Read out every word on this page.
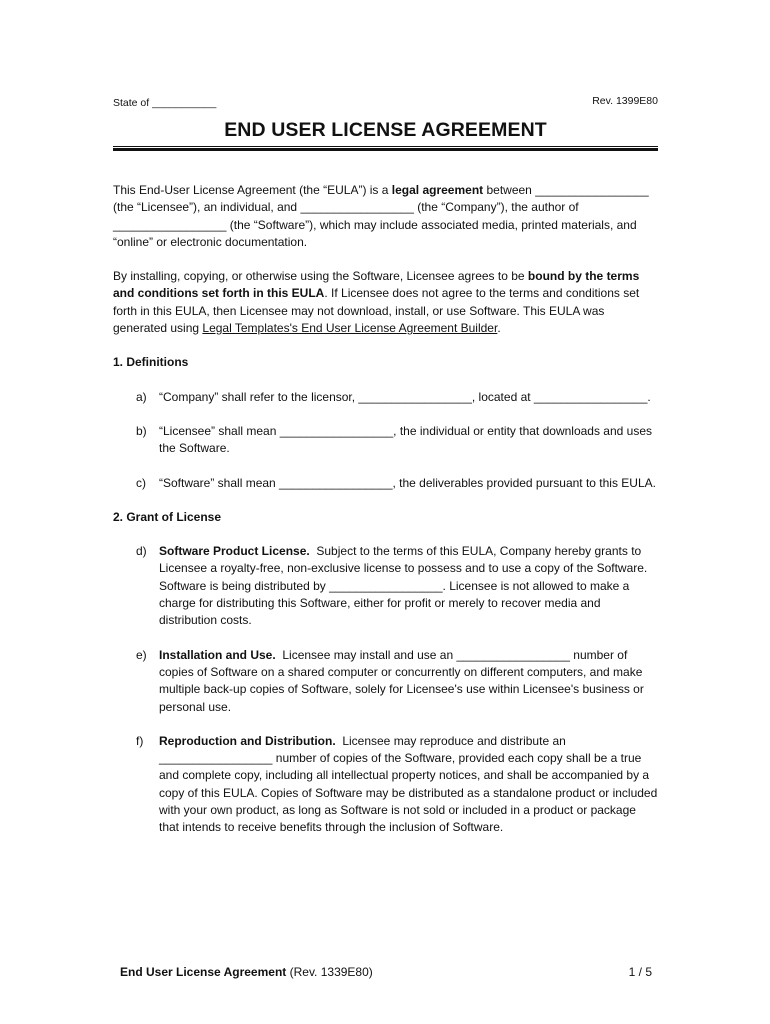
State of ___________	Rev. 1399E80
END USER LICENSE AGREEMENT

This End-User License Agreement (the “EULA”) is a legal agreement between _________________ (the “Licensee”), an individual, and _________________ (the “Company”), the author of _________________ (the “Software”), which may include associated media, printed materials, and “online” or electronic documentation.

By installing, copying, or otherwise using the Software, Licensee agrees to be bound by the terms and conditions set forth in this EULA. If Licensee does not agree to the terms and conditions set forth in this EULA, then Licensee may not download, install, or use Software. This EULA was generated using Legal Templates's End User License Agreement Builder.

1. Definitions

a) “Company” shall refer to the licensor, _________________, located at _________________.
b) “Licensee” shall mean _________________, the individual or entity that downloads and uses the Software.
c) “Software” shall mean _________________, the deliverables provided pursuant to this EULA.

2. Grant of License

d) Software Product License.  Subject to the terms of this EULA, Company hereby grants to Licensee a royalty-free, non-exclusive license to possess and to use a copy of the Software. Software is being distributed by _________________. Licensee is not allowed to make a charge for distributing this Software, either for profit or merely to recover media and distribution costs.
e) Installation and Use.  Licensee may install and use an _________________ number of copies of Software on a shared computer or concurrently on different computers, and make multiple back-up copies of Software, solely for Licensee's use within Licensee's business or personal use.
f) Reproduction and Distribution.  Licensee may reproduce and distribute an _________________ number of copies of the Software, provided each copy shall be a true and complete copy, including all intellectual property notices, and shall be accompanied by a copy of this EULA. Copies of Software may be distributed as a standalone product or included with your own product, as long as Software is not sold or included in a product or package that intends to receive benefits through the inclusion of Software.
End User License Agreement (Rev. 1339E80)	1 / 5
